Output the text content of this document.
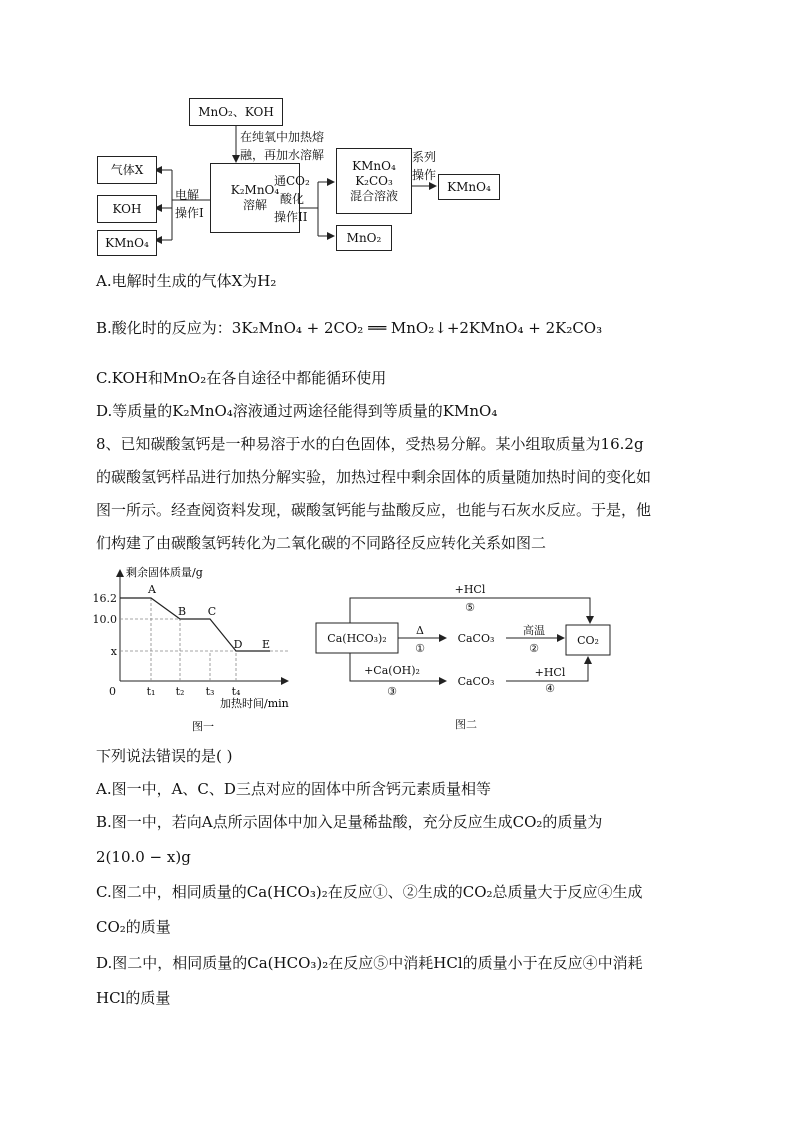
MnO₂、KOH
在纯氧中加热熔
融，再加水溶解
K₂MnO₄
溶解
电解
操作I
气体X
KOH
KMnO₄
通CO₂
酸化
操作II
KMnO₄
K₂CO₃
混合溶液
系列
操作
KMnO₄
MnO₂
A.电解时生成的气体X为H₂
B.酸化时的反应为：3K₂MnO₄ + 2CO₂ ══ MnO₂↓+2KMnO₄ + 2K₂CO₃
C.KOH和MnO₂在各自途径中都能循环使用
D.等质量的K₂MnO₄溶液通过两途径能得到等质量的KMnO₄
8、已知碳酸氢钙是一种易溶于水的白色固体，受热易分解。某小组取质量为16.2g
的碳酸氢钙样品进行加热分解实验，加热过程中剩余固体的质量随加热时间的变化如
图一所示。经查阅资料发现，碳酸氢钙能与盐酸反应，也能与石灰水反应。于是，他
们构建了由碳酸氢钙转化为二氧化碳的不同路径反应转化关系如图二
16.2
10.0
x
t₁ t₂ t₃ t₄
0
A
B C
D E
剩余固体质量/g
加热时间/min
图一
Ca(HCO₃)₂	CO₂
CaCO₃
CaCO₃
+HCl
⑤
Δ
①
高温
②
+Ca(OH)₂
③
+HCl
④
图二
下列说法错误的是( )
A.图一中，A、C、D三点对应的固体中所含钙元素质量相等
B.图一中，若向A点所示固体中加入足量稀盐酸，充分反应生成CO₂的质量为
2(10.0 − x)g
C.图二中，相同质量的Ca(HCO₃)₂在反应①、②生成的CO₂总质量大于反应④生成
CO₂的质量
D.图二中，相同质量的Ca(HCO₃)₂在反应⑤中消耗HCl的质量小于在反应④中消耗
HCl的质量
